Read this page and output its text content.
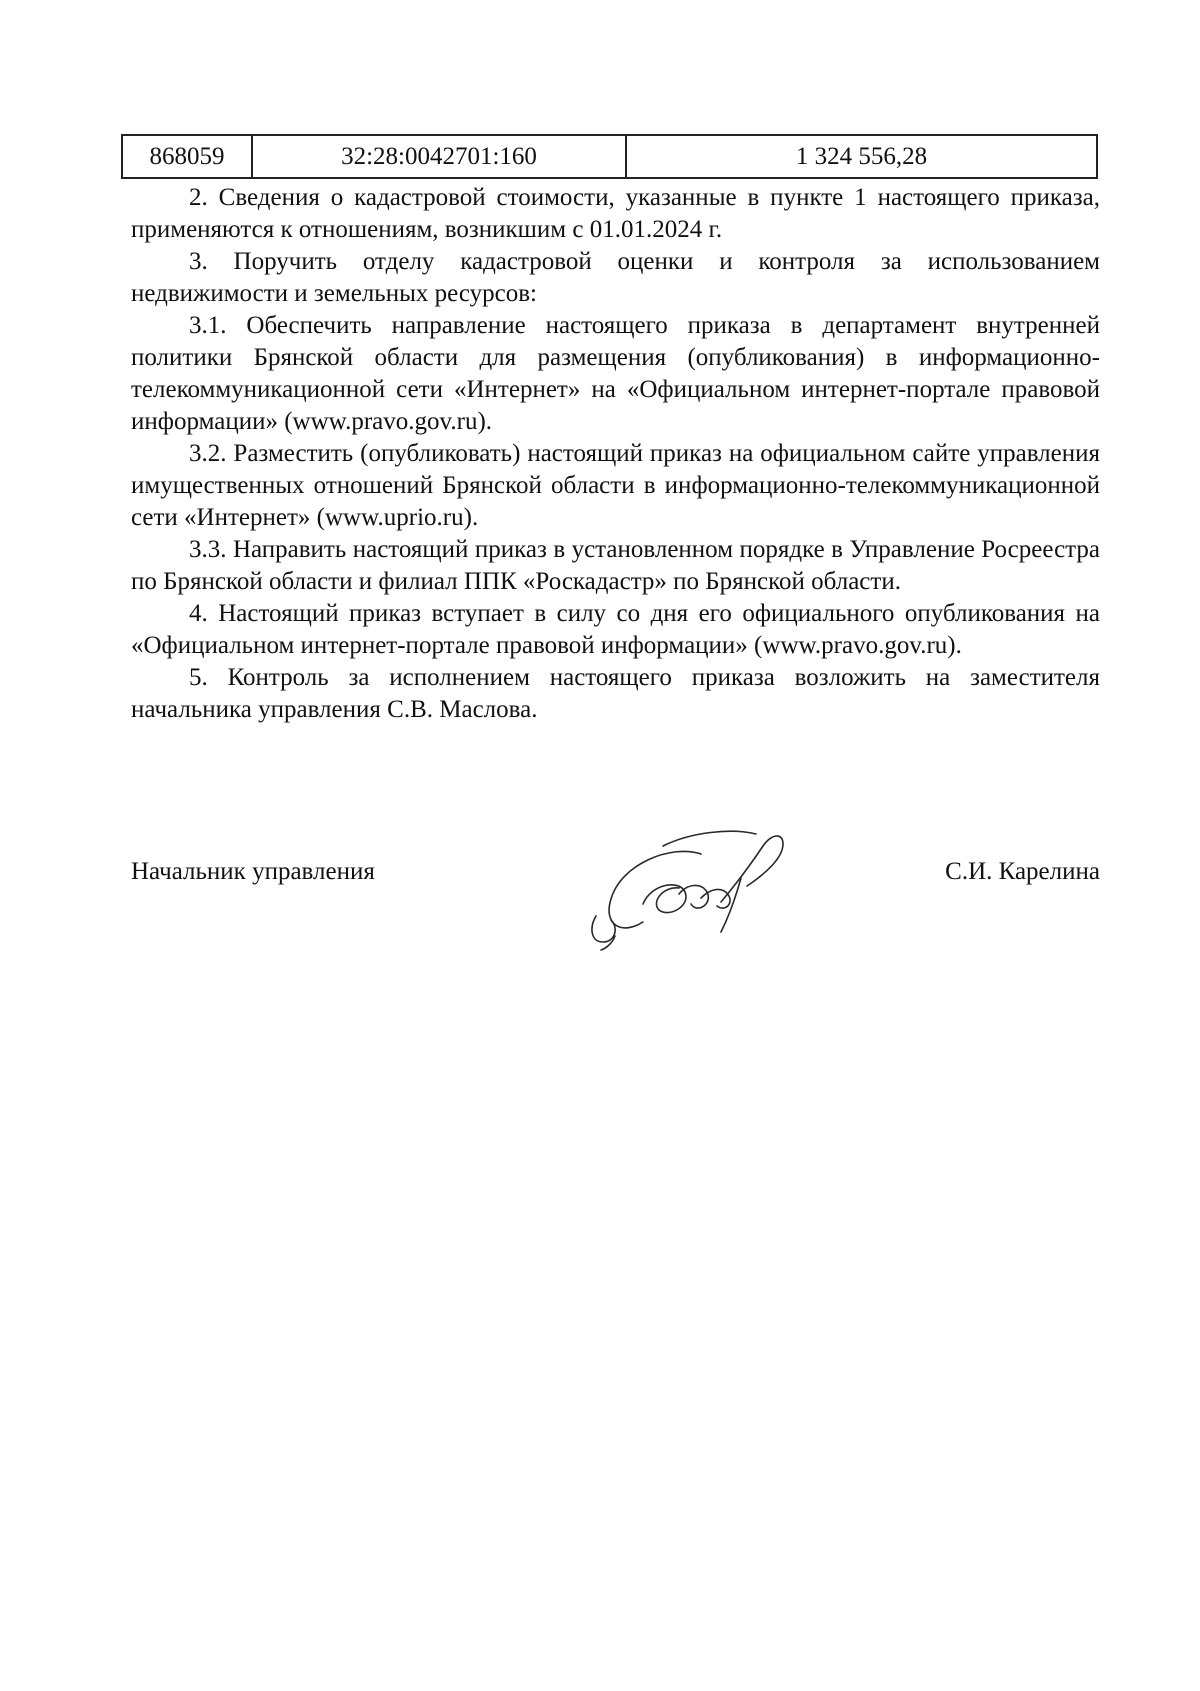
868059	32:28:0042701:160	1 324 556,28

2. Сведения о кадастровой стоимости, указанные в пункте 1 настоящего приказа, применяются к отношениям, возникшим с 01.01.2024 г.

3. Поручить отделу кадастровой оценки и контроля за использованием недвижимости и земельных ресурсов:

3.1. Обеспечить направление настоящего приказа в департамент внутренней политики Брянской области для размещения (опубликования) в информационно-телекоммуникационной сети «Интернет» на «Официальном интернет-портале правовой информации» (www.pravo.gov.ru).

3.2. Разместить (опубликовать) настоящий приказ на официальном сайте управления имущественных отношений Брянской области в информационно-телекоммуникационной сети «Интернет» (www.uprio.ru).

3.3. Направить настоящий приказ в установленном порядке в Управление Росреестра по Брянской области и филиал ППК «Роскадастр» по Брянской области.

4. Настоящий приказ вступает в силу со дня его официального опубликования на «Официальном интернет-портале правовой информации» (www.pravo.gov.ru).

5. Контроль за исполнением настоящего приказа возложить на заместителя начальника управления С.В. Маслова.

Начальник управления	С.И. Карелина
